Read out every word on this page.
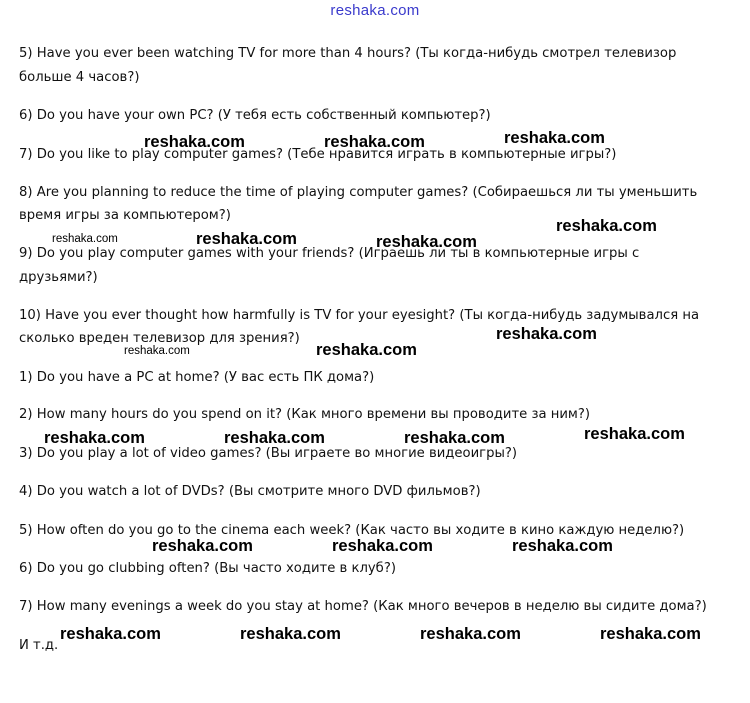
reshaka.com
5) Have you ever been watching TV for more than 4 hours? (Ты когда-нибудь смотрел телевизор
больше 4 часов?)
6) Do you have your own PC? (У тебя есть собственный компьютер?)
7) Do you like to play computer games? (Тебе нравится играть в компьютерные игры?)
8) Are you planning to reduce the time of playing computer games? (Собираешься ли ты уменьшить
время игры за компьютером?)
9) Do you play computer games with your friends? (Играешь ли ты в компьютерные игры с
друзьями?)
10) Have you ever thought how harmfully is TV for your eyesight? (Ты когда-нибудь задумывался на
сколько вреден телевизор для зрения?)
1) Do you have a PC at home? (У вас есть ПК дома?)
2) How many hours do you spend on it? (Как много времени вы проводите за ним?)
3) Do you play a lot of video games? (Вы играете во многие видеоигры?)
4) Do you watch a lot of DVDs? (Вы смотрите много DVD фильмов?)
5) How often do you go to the cinema each week? (Как часто вы ходите в кино каждую неделю?)
6) Do you go clubbing often? (Вы часто ходите в клуб?)
7) How many evenings a week do you stay at home? (Как много вечеров в неделю вы сидите дома?)
И т.д.
reshaka.com	reshaka.com	reshaka.com
reshaka.com
reshaka.com	reshaka.com	reshaka.com
reshaka.com
reshaka.com	reshaka.com
reshaka.com	reshaka.com	reshaka.com	reshaka.com
reshaka.com	reshaka.com	reshaka.com
reshaka.com	reshaka.com	reshaka.com	reshaka.com
